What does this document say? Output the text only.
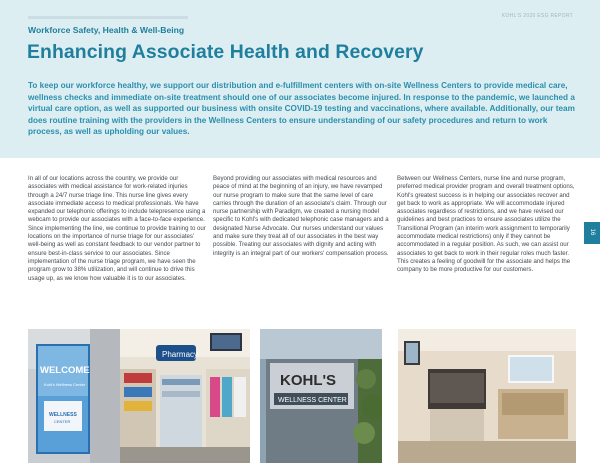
KOHL'S 2020 ESG REPORT
Workforce Safety, Health & Well-Being
Enhancing Associate Health and Recovery

To keep our workforce healthy, we support our distribution and e-fulfillment centers with on-site Wellness Centers to provide medical care, wellness checks and immediate on-site treatment should one of our associates become injured. In response to the pandemic, we launched a virtual care option, as well as supported our business with onsite COVID-19 testing and vaccinations, where available. Additionally, our team does routine training with the providers in the Wellness Centers to ensure understanding of our safety procedures and return to work process, as well as upholding our values.

In all of our locations across the country, we provide our associates with medical assistance for work-related injuries through a 24/7 nurse triage line. This nurse line gives every associate immediate access to medical professionals. We have expanded our telephonic offerings to include telepresence using a webcam to provide our associates with a face-to-face experience. Since implementing the line, we continue to provide training to our locations on the importance of nurse triage for our associates' well-being as well as constant feedback to our vendor partner to ensure best-in-class service to our associates. Since implementation of the nurse triage program, we have seen the program grow to 38% utilization, and will continue to drive this usage up, as we know how valuable it is to our associates.

Beyond providing our associates with medical resources and peace of mind at the beginning of an injury, we have revamped our nurse program to make sure that the same level of care carries through the duration of an associate's claim. Through our nurse partnership with Paradigm, we created a nursing model specific to Kohl's with dedicated telephonic case managers and a designated Nurse Advocate. Our nurses understand our values and make sure they treat all of our associates in the best way possible. Treating our associates with dignity and acting with integrity is an integral part of our workers' compensation process.

Between our Wellness Centers, nurse line and nurse program, preferred medical provider program and overall treatment options, Kohl's greatest success is in helping our associates recover and get back to work as appropriate. We will accommodate injured associates regardless of restrictions, and we have revised our guidelines and best practices to ensure associates utilize the Transitional Program (an interim work assignment to temporarily accommodate medical restrictions) only if they cannot be accommodated in a regular position. As such, we can assist our associates to get back to work in their regular roles much faster. This creates a feeling of goodwill for the associate and helps the company to be more productive for our customers.

16
WELCOME
Kohl's Wellness Center
WELLNESS
CENTER
Pharmacy
KOHL'S
WELLNESS CENTER
